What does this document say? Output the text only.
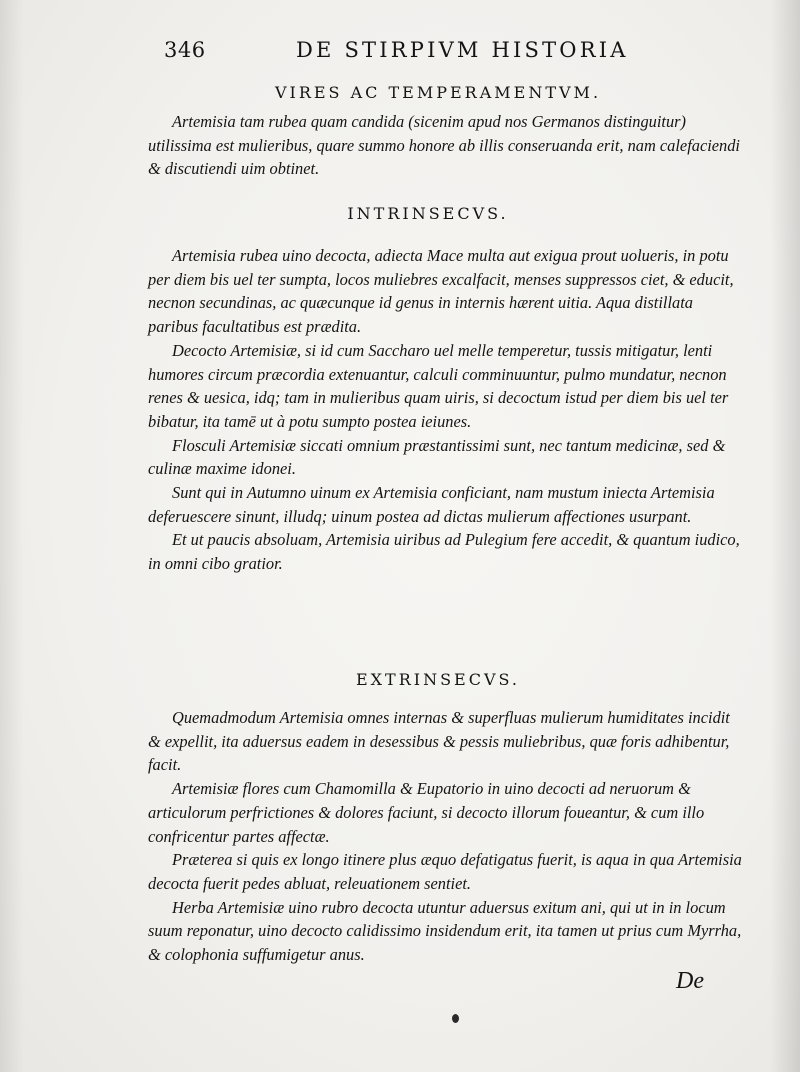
346	DE STIRPIVM HISTORIA
VIRES AC TEMPERAMENTVM.

Artemisia tam rubea quam candida (sicenim apud nos Germanos distinguitur) utilissima est mulieribus, quare summo honore ab illis conseruanda erit, nam calefaciendi & discutiendi uim obtinet.

INTRINSECVS.

Artemisia rubea uino decocta, adiecta Mace multa aut exigua prout uolueris, in potu per diem bis uel ter sumpta, locos muliebres excalfacit, menses suppressos ciet, & educit, necnon secundinas, ac quæcunque id genus in internis hærent uitia. Aqua distillata paribus facultatibus est prædita.

Decocto Artemisiæ, si id cum Saccharo uel melle temperetur, tussis mitigatur, lenti humores circum præcordia extenuantur, calculi comminuuntur, pulmo mundatur, necnon renes & uesica, idq; tam in mulieribus quam uiris, si decoctum istud per diem bis uel ter bibatur, ita tamē ut à potu sumpto postea ieiunes.

Flosculi Artemisiæ siccati omnium præstantissimi sunt, nec tantum medicinæ, sed & culinæ maxime idonei.

Sunt qui in Autumno uinum ex Artemisia conficiant, nam mustum iniecta Artemisia deferuescere sinunt, illudq; uinum postea ad dictas mulierum affectiones usurpant.

Et ut paucis absoluam, Artemisia uiribus ad Pulegium fere accedit, & quantum iudico, in omni cibo gratior.

EXTRINSECVS.

Quemadmodum Artemisia omnes internas & superfluas mulierum humiditates incidit & expellit, ita aduersus eadem in desessibus & pessis muliebribus, quæ foris adhibentur, facit.

Artemisiæ flores cum Chamomilla & Eupatorio in uino decocti ad neruorum & articulorum perfrictiones & dolores faciunt, si decocto illorum foueantur, & cum illo confricentur partes affectæ.

Præterea si quis ex longo itinere plus æquo defatigatus fuerit, is aqua in qua Artemisia decocta fuerit pedes abluat, releuationem sentiet.

Herba Artemisiæ uino rubro decocta utuntur aduersus exitum ani, qui ut in in locum suum reponatur, uino decocto calidissimo insidendum erit, ita tamen ut prius cum Myrrha, & colophonia suffumigetur anus.

De
